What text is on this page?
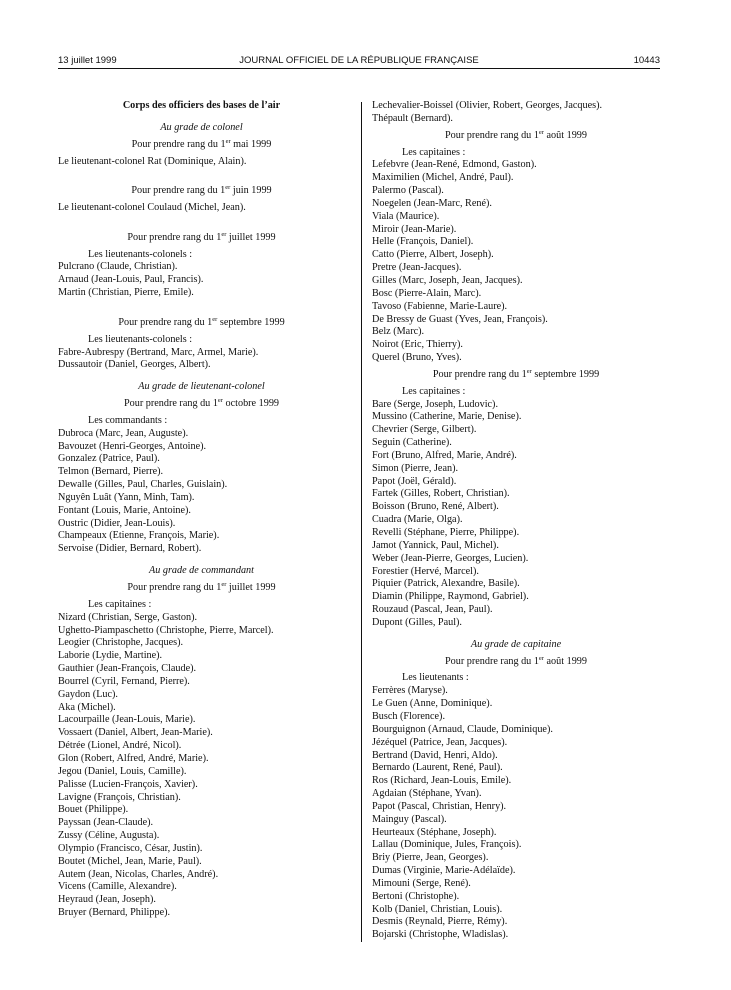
13 juillet 1999	JOURNAL OFFICIEL DE LA RÉPUBLIQUE FRANÇAISE	10443
Corps des officiers des bases de l’air
Au grade de colonel
Pour prendre rang du 1er mai 1999
Le lieutenant-colonel Rat (Dominique, Alain).
Pour prendre rang du 1er juin 1999
Le lieutenant-colonel Coulaud (Michel, Jean).
Pour prendre rang du 1er juillet 1999
Les lieutenants-colonels :
Pulcrano (Claude, Christian).
Arnaud (Jean-Louis, Paul, Francis).
Martin (Christian, Pierre, Emile).
Pour prendre rang du 1er septembre 1999
Les lieutenants-colonels :
Fabre-Aubrespy (Bertrand, Marc, Armel, Marie).
Dussautoir (Daniel, Georges, Albert).
Au grade de lieutenant-colonel
Pour prendre rang du 1er octobre 1999
Les commandants :
Dubroca (Marc, Jean, Auguste).
Bavouzet (Henri-Georges, Antoine).
Gonzalez (Patrice, Paul).
Telmon (Bernard, Pierre).
Dewalle (Gilles, Paul, Charles, Guislain).
Nguyên Luât (Yann, Minh, Tam).
Fontant (Louis, Marie, Antoine).
Oustric (Didier, Jean-Louis).
Champeaux (Etienne, François, Marie).
Servoise (Didier, Bernard, Robert).
Au grade de commandant
Pour prendre rang du 1er juillet 1999
Les capitaines :
Nizard (Christian, Serge, Gaston).
Ughetto-Piampaschetto (Christophe, Pierre, Marcel).
Leogier (Christophe, Jacques).
Laborie (Lydie, Martine).
Gauthier (Jean-François, Claude).
Bourrel (Cyril, Fernand, Pierre).
Gaydon (Luc).
Aka (Michel).
Lacourpaille (Jean-Louis, Marie).
Vossaert (Daniel, Albert, Jean-Marie).
Détrée (Lionel, André, Nicol).
Glon (Robert, Alfred, André, Marie).
Jegou (Daniel, Louis, Camille).
Palisse (Lucien-François, Xavier).
Lavigne (François, Christian).
Bouet (Philippe).
Payssan (Jean-Claude).
Zussy (Céline, Augusta).
Olympio (Francisco, César, Justin).
Boutet (Michel, Jean, Marie, Paul).
Autem (Jean, Nicolas, Charles, André).
Vicens (Camille, Alexandre).
Heyraud (Jean, Joseph).
Bruyer (Bernard, Philippe).
Lechevalier-Boissel (Olivier, Robert, Georges, Jacques).
Thépault (Bernard).
Pour prendre rang du 1er août 1999
Les capitaines :
Lefebvre (Jean-René, Edmond, Gaston).
Maximilien (Michel, André, Paul).
Palermo (Pascal).
Noegelen (Jean-Marc, René).
Viala (Maurice).
Miroir (Jean-Marie).
Helle (François, Daniel).
Catto (Pierre, Albert, Joseph).
Pretre (Jean-Jacques).
Gilles (Marc, Joseph, Jean, Jacques).
Bosc (Pierre-Alain, Marc).
Tavoso (Fabienne, Marie-Laure).
De Bressy de Guast (Yves, Jean, François).
Belz (Marc).
Noirot (Eric, Thierry).
Querel (Bruno, Yves).
Pour prendre rang du 1er septembre 1999
Les capitaines :
Bare (Serge, Joseph, Ludovic).
Mussino (Catherine, Marie, Denise).
Chevrier (Serge, Gilbert).
Seguin (Catherine).
Fort (Bruno, Alfred, Marie, André).
Simon (Pierre, Jean).
Papot (Joël, Gérald).
Fartek (Gilles, Robert, Christian).
Boisson (Bruno, René, Albert).
Cuadra (Marie, Olga).
Revelli (Stéphane, Pierre, Philippe).
Jamot (Yannick, Paul, Michel).
Weber (Jean-Pierre, Georges, Lucien).
Forestier (Hervé, Marcel).
Piquier (Patrick, Alexandre, Basile).
Diamin (Philippe, Raymond, Gabriel).
Rouzaud (Pascal, Jean, Paul).
Dupont (Gilles, Paul).
Au grade de capitaine
Pour prendre rang du 1er août 1999
Les lieutenants :
Ferrères (Maryse).
Le Guen (Anne, Dominique).
Busch (Florence).
Bourguignon (Arnaud, Claude, Dominique).
Jézéquel (Patrice, Jean, Jacques).
Bertrand (David, Henri, Aldo).
Bernardo (Laurent, René, Paul).
Ros (Richard, Jean-Louis, Emile).
Agdaian (Stéphane, Yvan).
Papot (Pascal, Christian, Henry).
Mainguy (Pascal).
Heurteaux (Stéphane, Joseph).
Lallau (Dominique, Jules, François).
Briy (Pierre, Jean, Georges).
Dumas (Virginie, Marie-Adélaïde).
Mimouni (Serge, René).
Bertoni (Christophe).
Kolb (Daniel, Christian, Louis).
Desmis (Reynald, Pierre, Rémy).
Bojarski (Christophe, Wladislas).
